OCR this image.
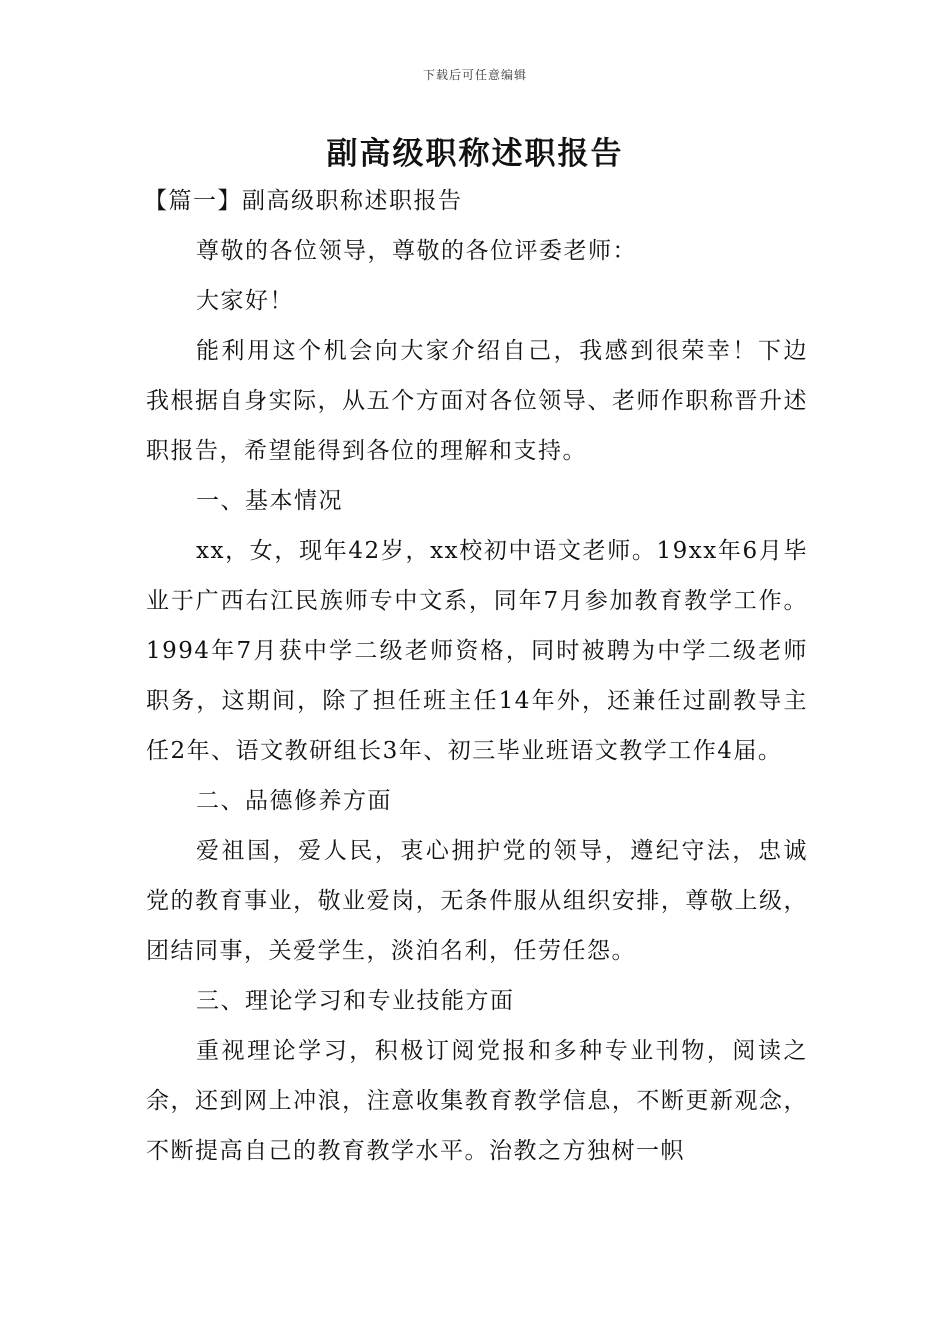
下载后可任意编辑
副高级职称述职报告

【篇一】副高级职称述职报告

尊敬的各位领导，尊敬的各位评委老师：

大家好！

能利用这个机会向大家介绍自己，我感到很荣幸！下边我根据自身实际，从五个方面对各位领导、老师作职称晋升述职报告，希望能得到各位的理解和支持。

一、基本情况

xx，女，现年42岁，xx校初中语文老师。19xx年6月毕业于广西右江民族师专中文系，同年7月参加教育教学工作。1994年7月获中学二级老师资格，同时被聘为中学二级老师职务，这期间，除了担任班主任14年外，还兼任过副教导主任2年、语文教研组长3年、初三毕业班语文教学工作4届。

二、品德修养方面

爱祖国，爱人民，衷心拥护党的领导，遵纪守法，忠诚党的教育事业，敬业爱岗，无条件服从组织安排，尊敬上级，团结同事，关爱学生，淡泊名利，任劳任怨。

三、理论学习和专业技能方面

重视理论学习，积极订阅党报和多种专业刊物，阅读之余，还到网上冲浪，注意收集教育教学信息，不断更新观念，不断提高自己的教育教学水平。治教之方独树一帜
